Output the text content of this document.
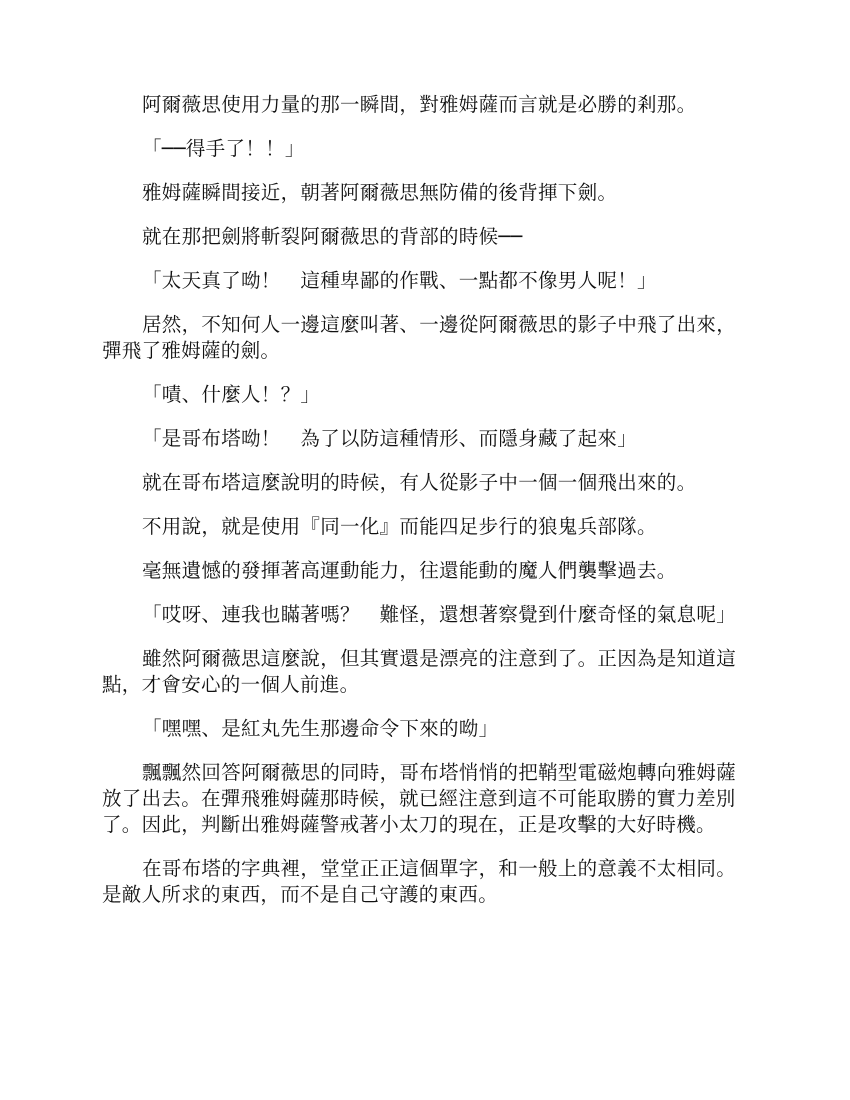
阿爾薇思使用力量的那一瞬間，對雅姆薩而言就是必勝的剎那。

「──得手了！！」

雅姆薩瞬間接近，朝著阿爾薇思無防備的後背揮下劍。

就在那把劍將斬裂阿爾薇思的背部的時候──

「太天真了呦！　這種卑鄙的作戰、一點都不像男人呢！」

居然，不知何人一邊這麼叫著、一邊從阿爾薇思的影子中飛了出來，彈飛了雅姆薩的劍。

「嘖、什麼人！？」

「是哥布塔呦！　為了以防這種情形、而隱身藏了起來」

就在哥布塔這麼說明的時候，有人從影子中一個一個飛出來的。

不用說，就是使用『同一化』而能四足步行的狼鬼兵部隊。

毫無遺憾的發揮著高運動能力，往還能動的魔人們襲擊過去。

「哎呀、連我也瞞著嗎？　難怪，還想著察覺到什麼奇怪的氣息呢」

雖然阿爾薇思這麼說，但其實還是漂亮的注意到了。正因為是知道這點，才會安心的一個人前進。

「嘿嘿、是紅丸先生那邊命令下來的呦」

飄飄然回答阿爾薇思的同時，哥布塔悄悄的把鞘型電磁炮轉向雅姆薩放了出去。在彈飛雅姆薩那時候，就已經注意到這不可能取勝的實力差別了。因此，判斷出雅姆薩警戒著小太刀的現在，正是攻擊的大好時機。

在哥布塔的字典裡，堂堂正正這個單字，和一般上的意義不太相同。是敵人所求的東西，而不是自己守護的東西。
